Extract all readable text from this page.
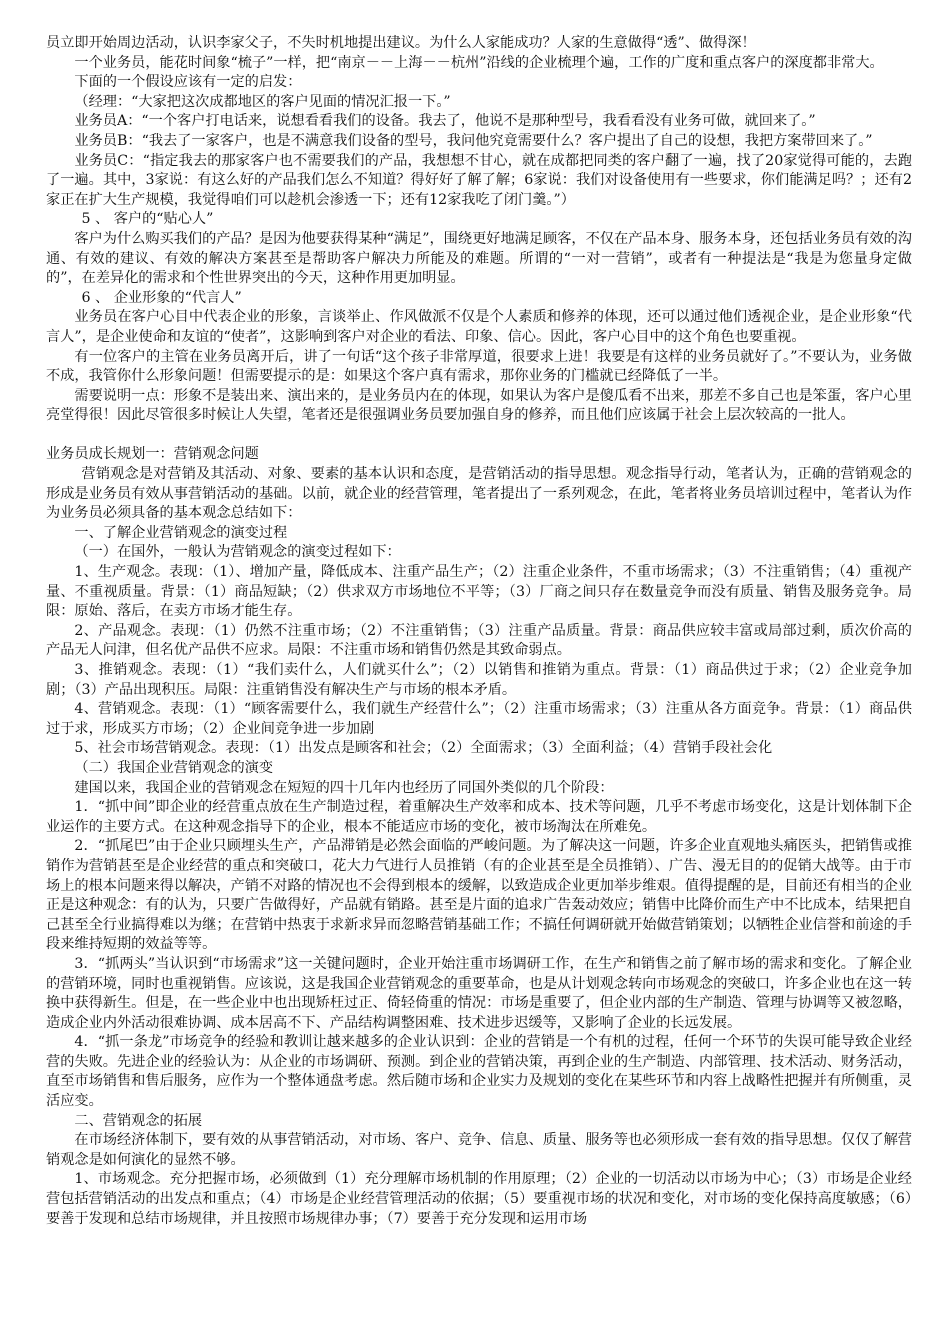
员立即开始周边活动，认识李家父子，不失时机地提出建议。为什么人家能成功？人家的生意做得“透”、做得深！

一个业务员，能花时间象“梳子”一样，把“南京－－上海－－杭州”沿线的企业梳理个遍，工作的广度和重点客户的深度都非常大。

下面的一个假设应该有一定的启发：

（经理：“大家把这次成都地区的客户见面的情况汇报一下。”

业务员A：“一个客户打电话来，说想看看我们的设备。我去了，他说不是那种型号，我看看没有业务可做，就回来了。”

业务员B：“我去了一家客户，也是不满意我们设备的型号，我问他究竟需要什么？客户提出了自己的设想，我把方案带回来了。”

业务员C：“指定我去的那家客户也不需要我们的产品，我想想不甘心，就在成都把同类的客户翻了一遍，找了20家觉得可能的，去跑了一遍。其中，3家说：有这么好的产品我们怎么不知道？得好好了解了解；6家说：我们对设备使用有一些要求，你们能满足吗？；还有2家正在扩大生产规模，我觉得咱们可以趁机会渗透一下；还有12家我吃了闭门羹。”）

5 、 客户的“贴心人”

客户为什么购买我们的产品？是因为他要获得某种“满足”，围绕更好地满足顾客，不仅在产品本身、服务本身，还包括业务员有效的沟通、有效的建议、有效的解决方案甚至是帮助客户解决力所能及的难题。所谓的“一对一营销”，或者有一种提法是“我是为您量身定做的”，在差异化的需求和个性世界突出的今天，这种作用更加明显。

6 、 企业形象的“代言人”

业务员在客户心目中代表企业的形象，言谈举止、作风做派不仅是个人素质和修养的体现，还可以通过他们透视企业，是企业形象“代言人”，是企业使命和友谊的“使者”，这影响到客户对企业的看法、印象、信心。因此，客户心目中的这个角色也要重视。

有一位客户的主管在业务员离开后，讲了一句话“这个孩子非常厚道，很要求上进！我要是有这样的业务员就好了。”不要认为，业务做不成，我管你什么形象问题！但需要提示的是：如果这个客户真有需求，那你业务的门槛就已经降低了一半。

需要说明一点：形象不是装出来、演出来的，是业务员内在的体现，如果认为客户是傻瓜看不出来，那差不多自己也是笨蛋，客户心里亮堂得很！因此尽管很多时候让人失望，笔者还是很强调业务员要加强自身的修养，而且他们应该属于社会上层次较高的一批人。

业务员成长规划一：营销观念问题

营销观念是对营销及其活动、对象、要素的基本认识和态度，是营销活动的指导思想。观念指导行动，笔者认为，正确的营销观念的形成是业务员有效从事营销活动的基础。以前，就企业的经营管理，笔者提出了一系列观念，在此，笔者将业务员培训过程中，笔者认为作为业务员必须具备的基本观念总结如下：

一、了解企业营销观念的演变过程

（一）在国外，一般认为营销观念的演变过程如下：

1、生产观念。表现：（1）、增加产量，降低成本、注重产品生产；（2）注重企业条件，不重市场需求；（3）不注重销售；（4）重视产量、不重视质量。背景：（1）商品短缺；（2）供求双方市场地位不平等；（3）厂商之间只存在数量竞争而没有质量、销售及服务竞争。局限：原始、落后，在卖方市场才能生存。

2、产品观念。表现：（1）仍然不注重市场；（2）不注重销售；（3）注重产品质量。背景：商品供应较丰富或局部过剩，质次价高的产品无人问津，但名优产品供不应求。局限：不注重市场和销售仍然是其致命弱点。

3、推销观念。表现：（1）“我们卖什么，人们就买什么”；（2）以销售和推销为重点。背景：（1）商品供过于求；（2）企业竞争加剧；（3）产品出现积压。局限：注重销售没有解决生产与市场的根本矛盾。

4、营销观念。表现：（1）“顾客需要什么，我们就生产经营什么”；（2）注重市场需求；（3）注重从各方面竞争。背景：（1）商品供过于求，形成买方市场；（2）企业间竞争进一步加剧

5、社会市场营销观念。表现：（1）出发点是顾客和社会；（2）全面需求；（3）全面利益；（4）营销手段社会化

（二）我国企业营销观念的演变

建国以来，我国企业的营销观念在短短的四十几年内也经历了同国外类似的几个阶段：

1．“抓中间”即企业的经营重点放在生产制造过程，着重解决生产效率和成本、技术等问题，几乎不考虑市场变化，这是计划体制下企业运作的主要方式。在这种观念指导下的企业，根本不能适应市场的变化，被市场淘汰在所难免。

2．“抓尾巴”由于企业只顾埋头生产，产品滞销是必然会面临的严峻问题。为了解决这一问题，许多企业直观地头痛医头，把销售或推销作为营销甚至是企业经营的重点和突破口，花大力气进行人员推销（有的企业甚至是全员推销）、广告、漫无目的的促销大战等。由于市场上的根本问题来得以解决，产销不对路的情况也不会得到根本的缓解，以致造成企业更加举步维艰。值得提醒的是，目前还有相当的企业正是这种观念：有的认为，只要广告做得好，产品就有销路。甚至是片面的追求广告轰动效应；销售中比降价而生产中不比成本，结果把自己甚至全行业搞得难以为继；在营销中热衷于求新求异而忽略营销基础工作；不搞任何调研就开始做营销策划；以牺牲企业信誉和前途的手段来维持短期的效益等等。

3．“抓两头”当认识到“市场需求”这一关键问题时，企业开始注重市场调研工作，在生产和销售之前了解市场的需求和变化。了解企业的营销环境，同时也重视销售。应该说，这是我国企业营销观念的重要革命，也是从计划观念转向市场观念的突破口，许多企业也在这一转换中获得新生。但是，在一些企业中也出现矫枉过正、倚轻倚重的情况：市场是重要了，但企业内部的生产制造、管理与协调等又被忽略，造成企业内外活动很难协调、成本居高不下、产品结构调整困难、技术进步迟缓等，又影响了企业的长远发展。

4．“抓一条龙”市场竞争的经验和教训让越来越多的企业认识到：企业的营销是一个有机的过程，任何一个环节的失误可能导致企业经营的失败。先进企业的经验认为：从企业的市场调研、预测。到企业的营销决策，再到企业的生产制造、内部管理、技术活动、财务活动，直至市场销售和售后服务，应作为一个整体通盘考虑。然后随市场和企业实力及规划的变化在某些环节和内容上战略性把握并有所侧重，灵活应变。

二、营销观念的拓展

在市场经济体制下，要有效的从事营销活动，对市场、客户、竞争、信息、质量、服务等也必须形成一套有效的指导思想。仅仅了解营销观念是如何演化的显然不够。

1、市场观念。充分把握市场，必须做到（1）充分理解市场机制的作用原理；（2）企业的一切活动以市场为中心；（3）市场是企业经营包括营销活动的出发点和重点；（4）市场是企业经营管理活动的依据；（5）要重视市场的状况和变化，对市场的变化保持高度敏感；（6）要善于发现和总结市场规律，并且按照市场规律办事；（7）要善于充分发现和运用市场
